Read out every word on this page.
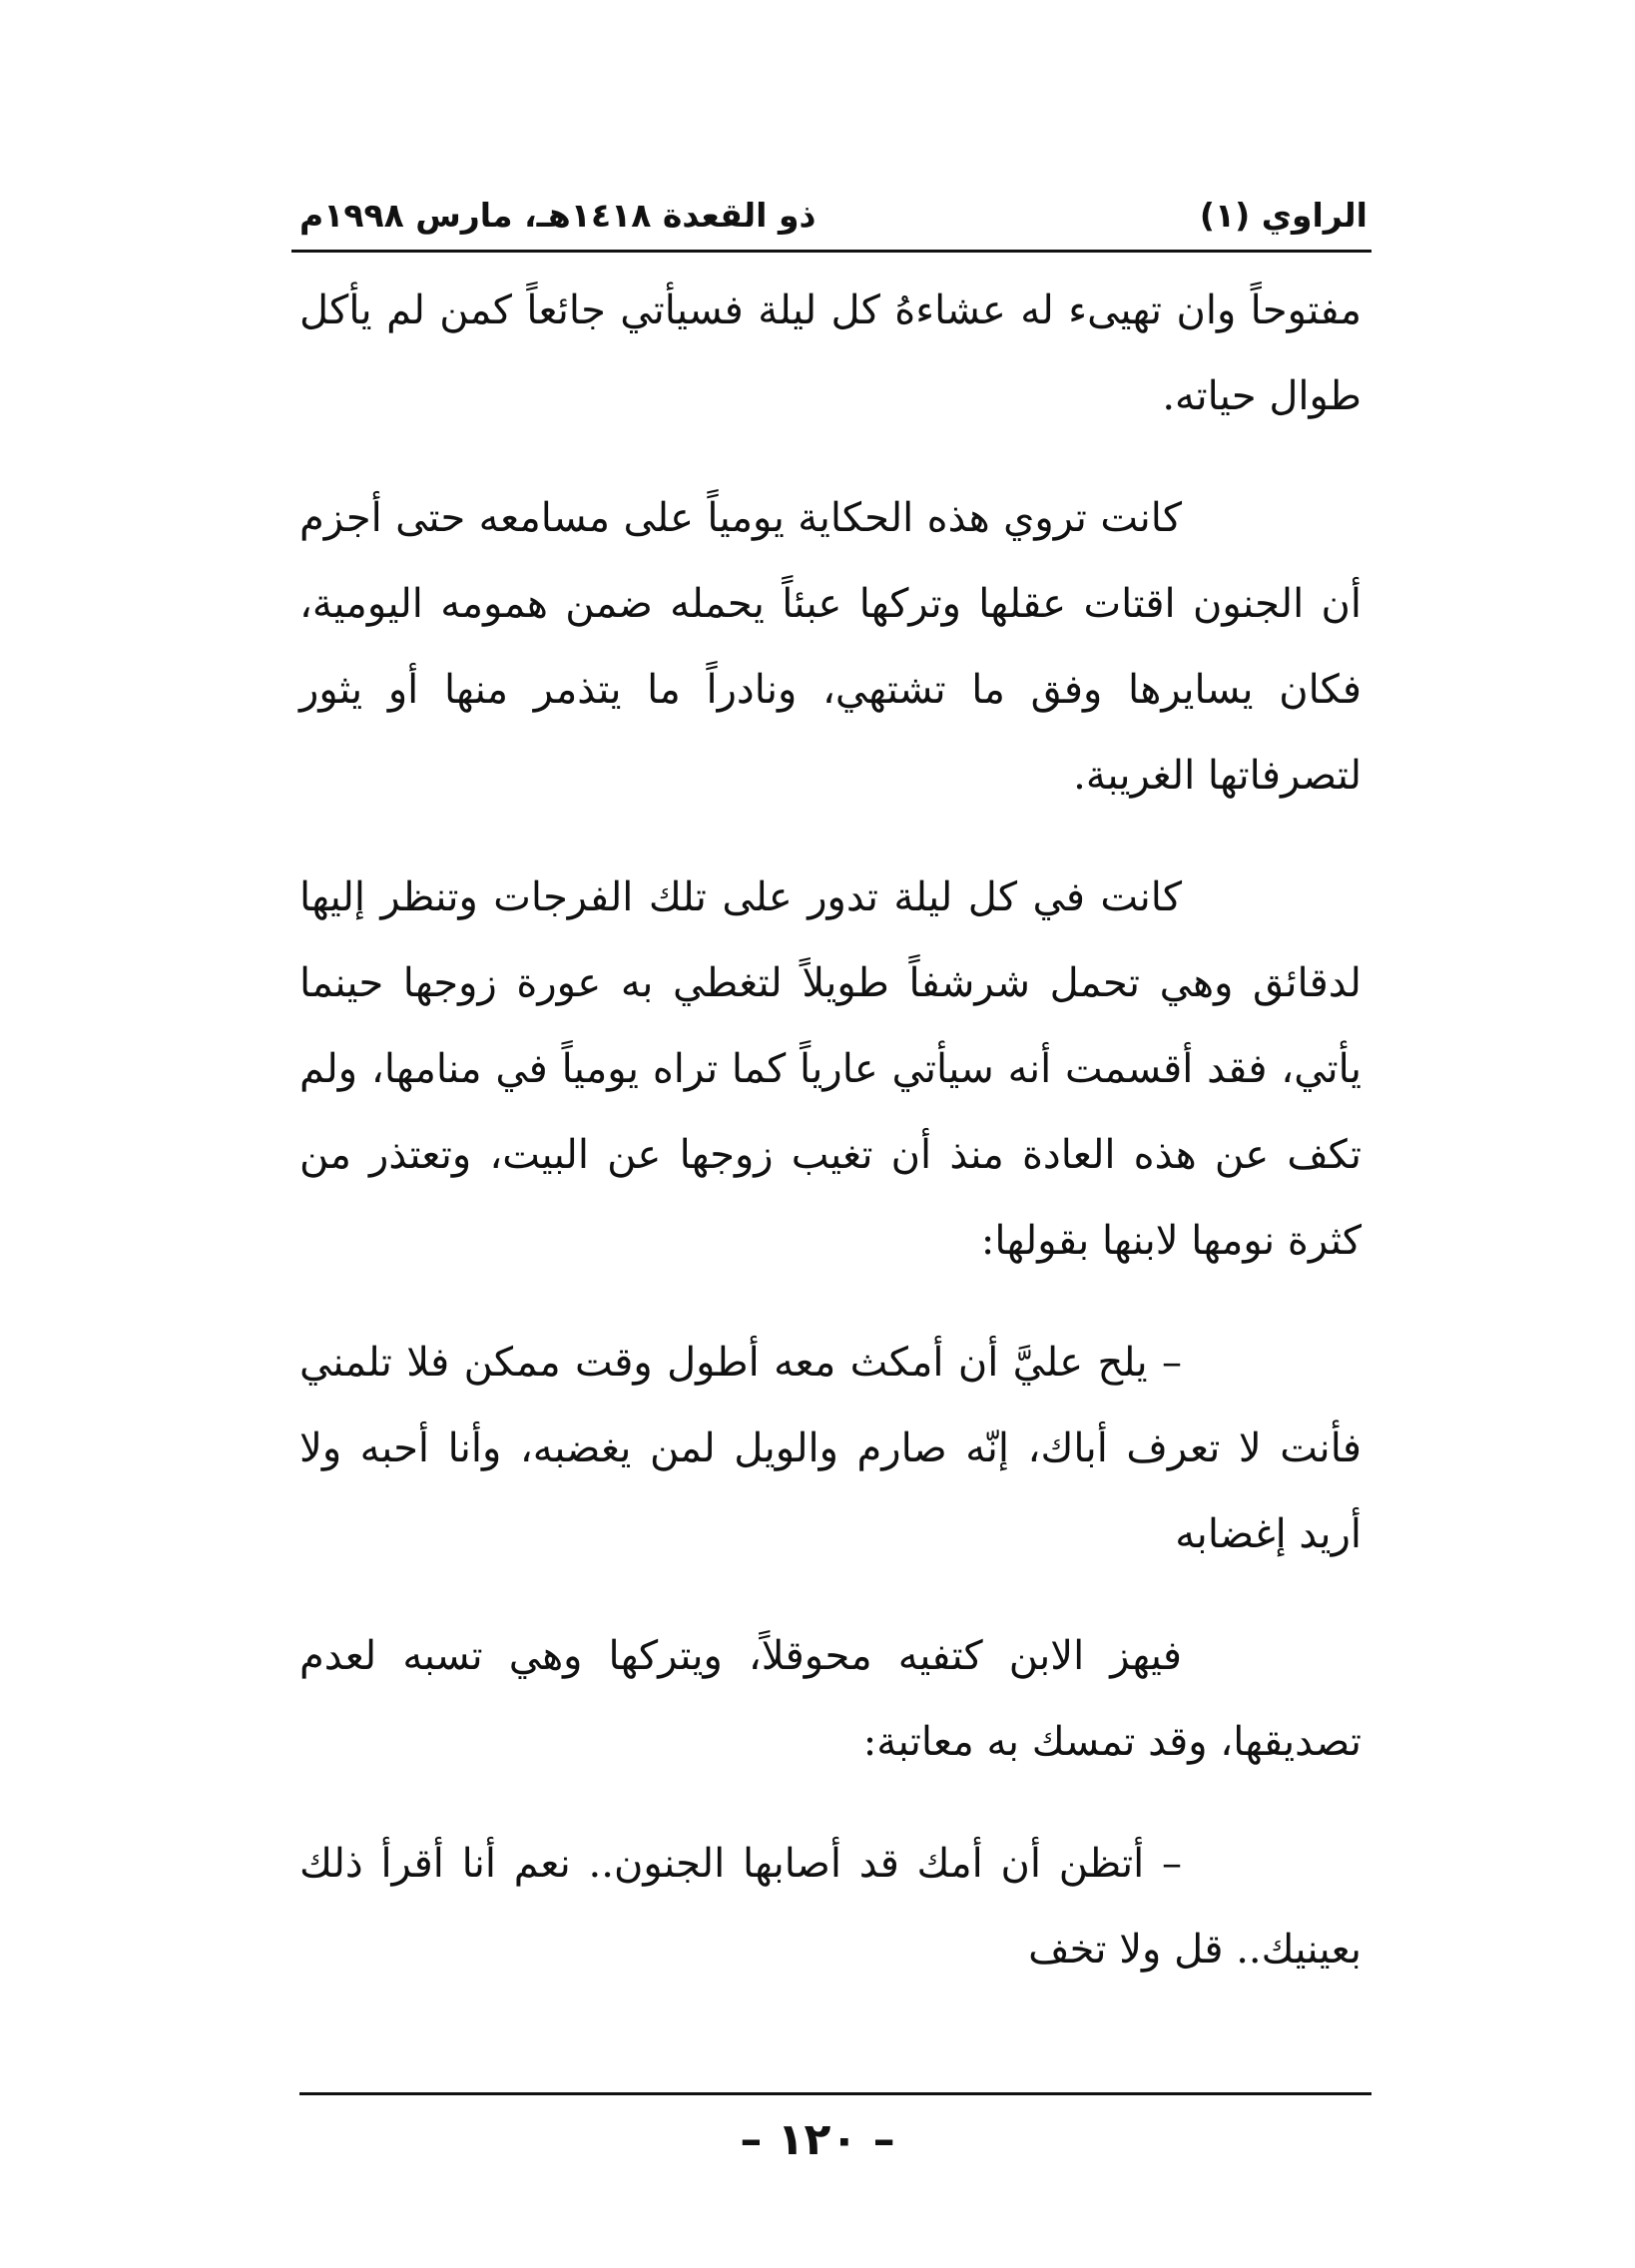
الراوي (١)
ذو القعدة ١٤١٨هـ، مارس ١٩٩٨م

مفتوحاً وان تهيىء له عشاءهُ كل ليلة فسيأتي جائعاً كمن لم يأكل طوال حياته.

كانت تروي هذه الحكاية يومياً على مسامعه حتى أجزم أن الجنون اقتات عقلها وتركها عبئاً يحمله ضمن همومه اليومية، فكان يسايرها وفق ما تشتهي، ونادراً ما يتذمر منها أو يثور لتصرفاتها الغريبة.

كانت في كل ليلة تدور على تلك الفرجات وتنظر إليها لدقائق وهي تحمل شرشفاً طويلاً لتغطي به عورة زوجها حينما يأتي، فقد أقسمت أنه سيأتي عارياً كما تراه يومياً في منامها، ولم تكف عن هذه العادة منذ أن تغيب زوجها عن البيت، وتعتذر من كثرة نومها لابنها بقولها:

– يلح عليَّ أن أمكث معه أطول وقت ممكن فلا تلمني فأنت لا تعرف أباك، إنّه صارم والويل لمن يغضبه، وأنا أحبه ولا أريد إغضابه

فيهز الابن كتفيه محوقلاً، ويتركها وهي تسبه لعدم تصديقها، وقد تمسك به معاتبة:

– أتظن أن أمك قد أصابها الجنون.. نعم أنا أقرأ ذلك بعينيك.. قل ولا تخف

– ١٢٠ –
